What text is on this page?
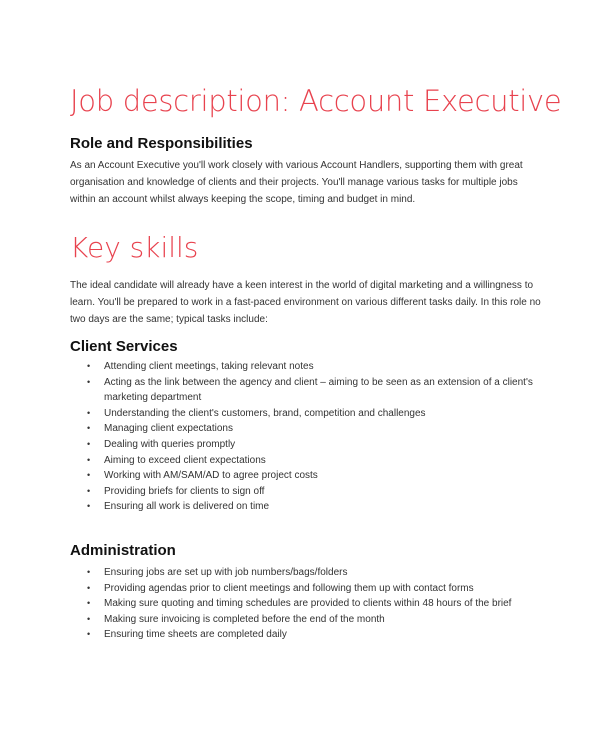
Job description: Account Executive
Role and Responsibilities

As an Account Executive you'll work closely with various Account Handlers, supporting them with great organisation and knowledge of clients and their projects. You'll manage various tasks for multiple jobs within an account whilst always keeping the scope, timing and budget in mind.

Key skills

The ideal candidate will already have a keen interest in the world of digital marketing and a willingness to learn. You'll be prepared to work in a fast-paced environment on various different tasks daily. In this role no two days are the same; typical tasks include:

Client Services
• Attending client meetings, taking relevant notes
• Acting as the link between the agency and client – aiming to be seen as an extension of a client's marketing department
• Understanding the client's customers, brand, competition and challenges
• Managing client expectations
• Dealing with queries promptly
• Aiming to exceed client expectations
• Working with AM/SAM/AD to agree project costs
• Providing briefs for clients to sign off
• Ensuring all work is delivered on time
Administration
• Ensuring jobs are set up with job numbers/bags/folders
• Providing agendas prior to client meetings and following them up with contact forms
• Making sure quoting and timing schedules are provided to clients within 48 hours of the brief
• Making sure invoicing is completed before the end of the month
• Ensuring time sheets are completed daily
